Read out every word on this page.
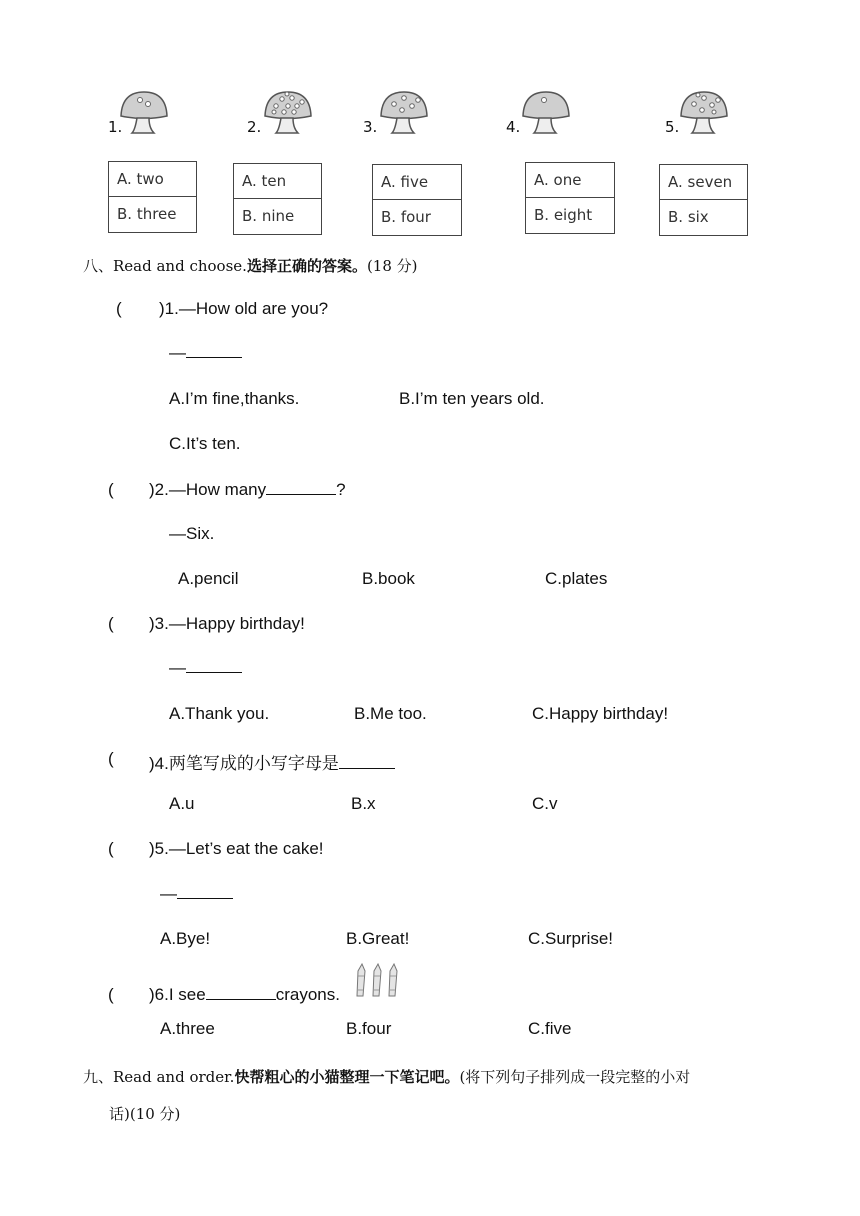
1.	2.	3.	4.	5.
A. two
B. three
A. ten
B. nine
A. five
B. four
A. one
B. eight
A. seven
B. six
八、Read and choose.选择正确的答案。(18 分)
( )1.—How old are you?
—
A.I’m fine,thanks.	B.I’m ten years old.
C.It’s ten.
( )2.—How many	?
—Six.
A.pencil	B.book	C.plates
( )3.—Happy birthday!
—
A.Thank you.	B.Me too.	C.Happy birthday!
( )4.两笔写成的小写字母是
A.u	B.x	C.v
( )5.—Let’s eat the cake!
—
A.Bye!	B.Great!	C.Surprise!
( )6.I see	crayons.
A.three	B.four	C.five
九、Read and order.快帮粗心的小猫整理一下笔记吧。(将下列句子排列成一段完整的小对
话)(10 分)
